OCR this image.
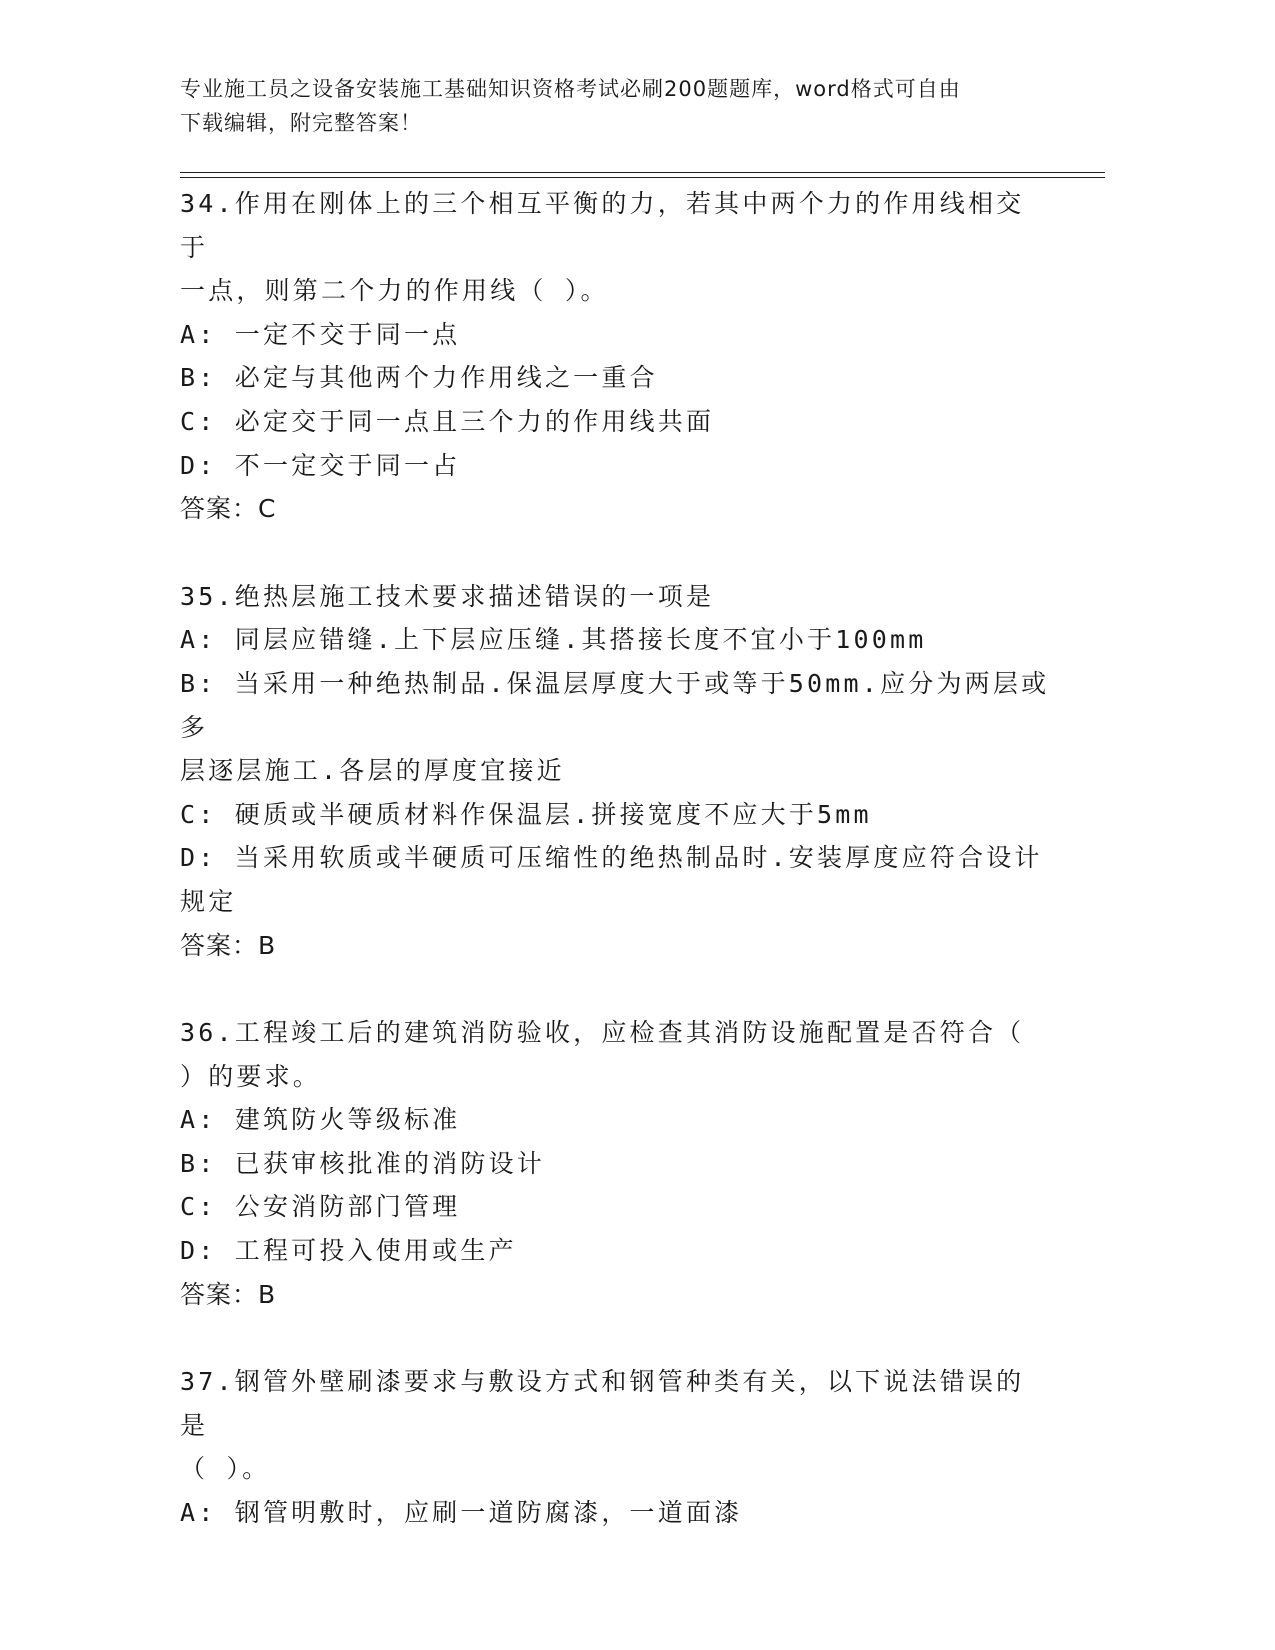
专业施工员之设备安装施工基础知识资格考试必刷200题题库，word格式可自由
下载编辑，附完整答案！
34.作用在刚体上的三个相互平衡的力，若其中两个力的作用线相交于
一点，则第二个力的作用线（ ）。
A: 一定不交于同一点
B: 必定与其他两个力作用线之一重合
C: 必定交于同一点且三个力的作用线共面
D: 不一定交于同一占
答案：C
35.绝热层施工技术要求描述错误的一项是
A: 同层应错缝.上下层应压缝.其搭接长度不宜小于100mm
B: 当采用一种绝热制品.保温层厚度大于或等于50mm.应分为两层或多
层逐层施工.各层的厚度宜接近
C: 硬质或半硬质材料作保温层.拼接宽度不应大于5mm
D: 当采用软质或半硬质可压缩性的绝热制品时.安装厚度应符合设计
规定
答案：B
36.工程竣工后的建筑消防验收，应检查其消防设施配置是否符合（
）的要求。
A: 建筑防火等级标准
B: 已获审核批准的消防设计
C: 公安消防部门管理
D: 工程可投入使用或生产
答案：B
37.钢管外壁刷漆要求与敷设方式和钢管种类有关，以下说法错误的是
（ ）。
A: 钢管明敷时，应刷一道防腐漆，一道面漆
